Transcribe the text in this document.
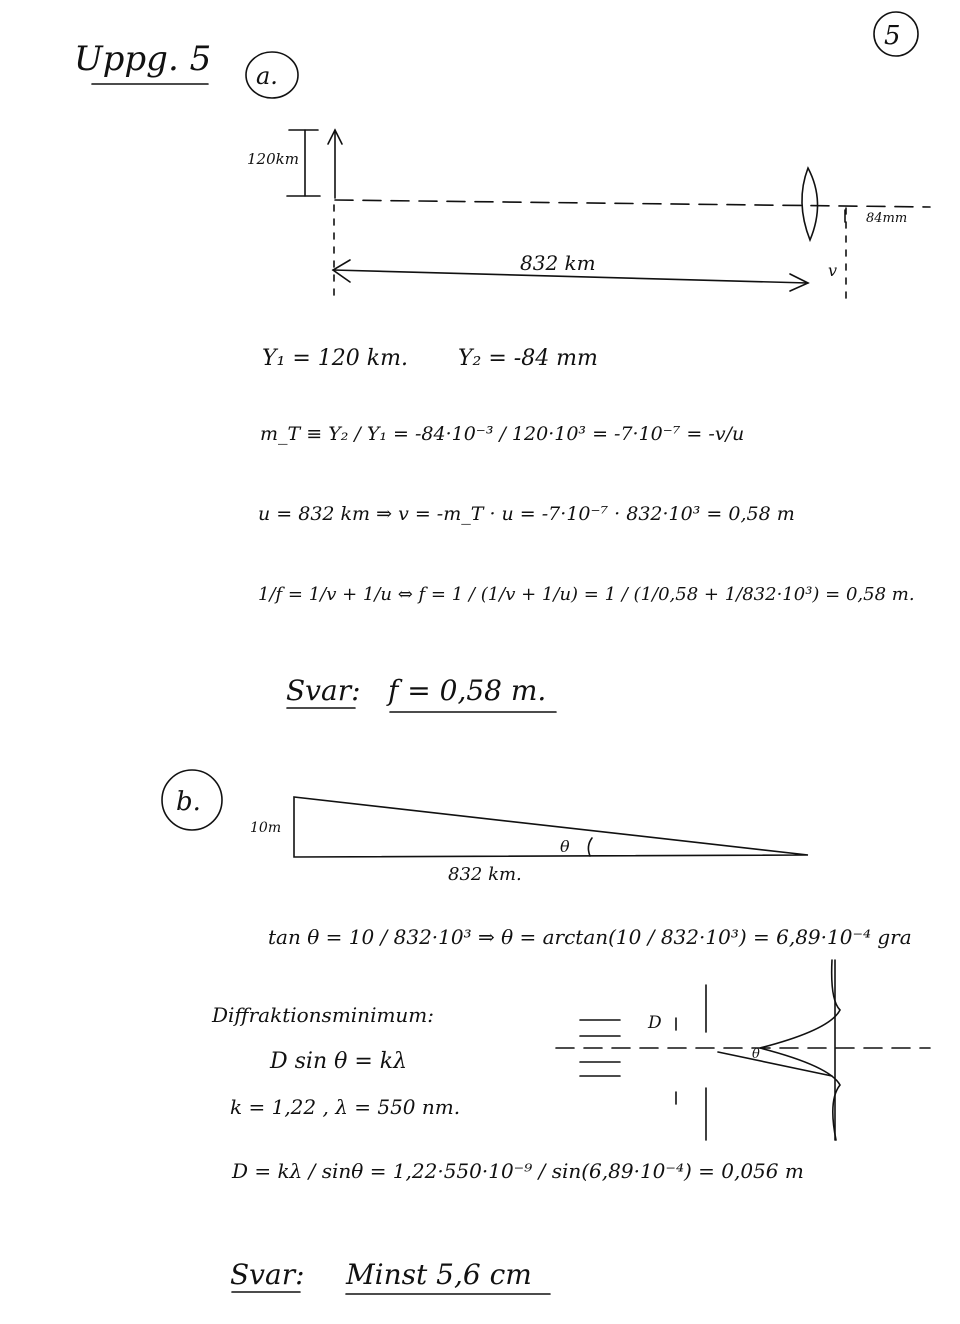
Uppg. 5
5
a.
120km
832 km	v
84mm
Y₁ = 120 km. Y₂ = -84 mm
m_T ≡ Y₂ / Y₁ = -84·10⁻³ / 120·10³ = -7·10⁻⁷ = -v/u
u = 832 km ⇒ v = -m_T · u = -7·10⁻⁷ · 832·10³ = 0,58 m
1/f = 1/v + 1/u ⇔ f = 1 / (1/v + 1/u) = 1 / (1/0,58 + 1/832·10³) = 0,58 m.
Svar: f = 0,58 m.
b.
10m
832 km.
θ
tan θ = 10 / 832·10³ ⇒ θ = arctan(10 / 832·10³) = 6,89·10⁻⁴ gra
Diffraktionsminimum:
D sin θ = kλ
k = 1,22 , λ = 550 nm.
D = kλ / sinθ = 1,22·550·10⁻⁹ / sin(6,89·10⁻⁴) = 0,056 m
D
θ
Svar: Minst 5,6 cm
